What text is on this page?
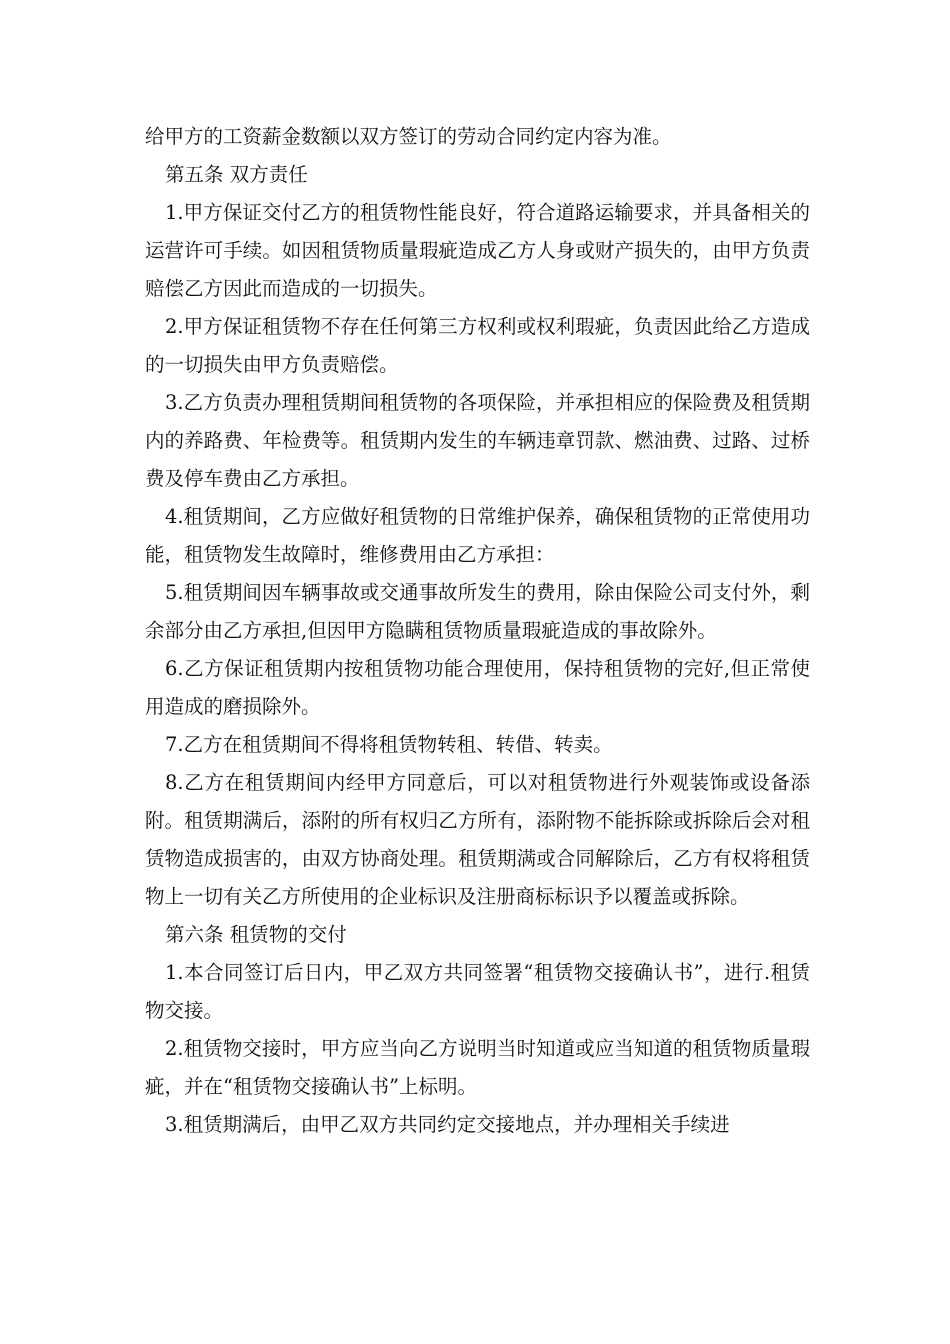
给甲方的工资薪金数额以双方签订的劳动合同约定内容为准。

第五条 双方责任

1.甲方保证交付乙方的租赁物性能良好，符合道路运输要求，并具备相关的运营许可手续。如因租赁物质量瑕疵造成乙方人身或财产损失的，由甲方负责赔偿乙方因此而造成的一切损失。

2.甲方保证租赁物不存在任何第三方权利或权利瑕疵，负责因此给乙方造成的一切损失由甲方负责赔偿。

3.乙方负责办理租赁期间租赁物的各项保险，并承担相应的保险费及租赁期内的养路费、年检费等。租赁期内发生的车辆违章罚款、燃油费、过路、过桥费及停车费由乙方承担。

4.租赁期间，乙方应做好租赁物的日常维护保养，确保租赁物的正常使用功能，租赁物发生故障时，维修费用由乙方承担：

5.租赁期间因车辆事故或交通事故所发生的费用，除由保险公司支付外，剩余部分由乙方承担,但因甲方隐瞒租赁物质量瑕疵造成的事故除外。

6.乙方保证租赁期内按租赁物功能合理使用，保持租赁物的完好,但正常使用造成的磨损除外。

7.乙方在租赁期间不得将租赁物转租、转借、转卖。

8.乙方在租赁期间内经甲方同意后，可以对租赁物进行外观装饰或设备添附。租赁期满后，添附的所有权归乙方所有，添附物不能拆除或拆除后会对租赁物造成损害的，由双方协商处理。租赁期满或合同解除后，乙方有权将租赁物上一切有关乙方所使用的企业标识及注册商标标识予以覆盖或拆除。

第六条 租赁物的交付

1.本合同签订后日内，甲乙双方共同签署“租赁物交接确认书”，进行.租赁物交接。

2.租赁物交接时，甲方应当向乙方说明当时知道或应当知道的租赁物质量瑕疵，并在“租赁物交接确认书”上标明。

3.租赁期满后，由甲乙双方共同约定交接地点，并办理相关手续进
